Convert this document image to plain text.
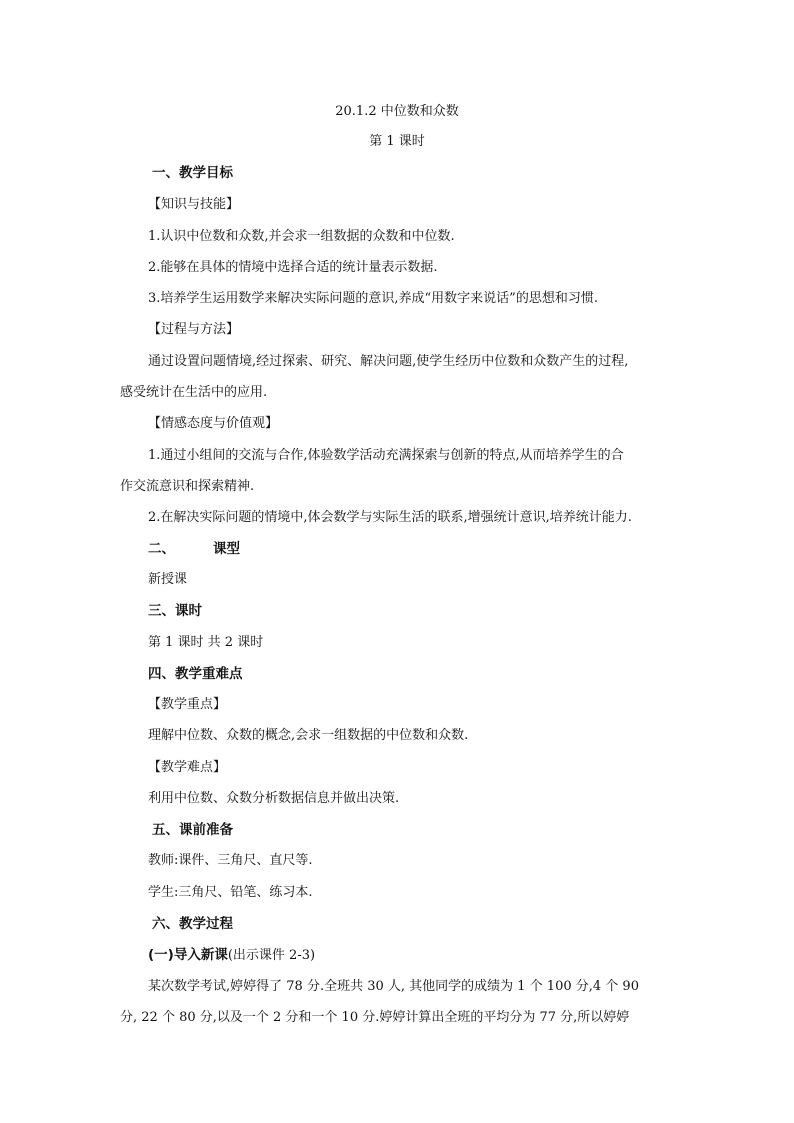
20.1.2 中位数和众数
第 1 课时
一、教学目标
【知识与技能】
1.认识中位数和众数,并会求一组数据的众数和中位数.
2.能够在具体的情境中选择合适的统计量表示数据.
3.培养学生运用数学来解决实际问题的意识,养成“用数字来说话”的思想和习惯.
【过程与方法】
通过设置问题情境,经过探索、研究、解决问题,使学生经历中位数和众数产生的过程,
感受统计在生活中的应用.
【情感态度与价值观】
1.通过小组间的交流与合作,体验数学活动充满探索与创新的特点,从而培养学生的合
作交流意识和探索精神.
2.在解决实际问题的情境中,体会数学与实际生活的联系,增强统计意识,培养统计能力.
二、	课型
新授课
三、课时
第 1 课时 共 2 课时
四、教学重难点
【教学重点】
理解中位数、众数的概念,会求一组数据的中位数和众数.
【教学难点】
利用中位数、众数分析数据信息并做出决策.
五、课前准备
教师:课件、三角尺、直尺等.
学生:三角尺、铅笔、练习本.
六、教学过程
(一)导入新课(出示课件 2-3)
某次数学考试,婷婷得了 78 分.全班共 30 人, 其他同学的成绩为 1 个 100 分,4 个 90
分, 22 个 80 分,以及一个 2 分和一个 10 分.婷婷计算出全班的平均分为 77 分,所以婷婷
